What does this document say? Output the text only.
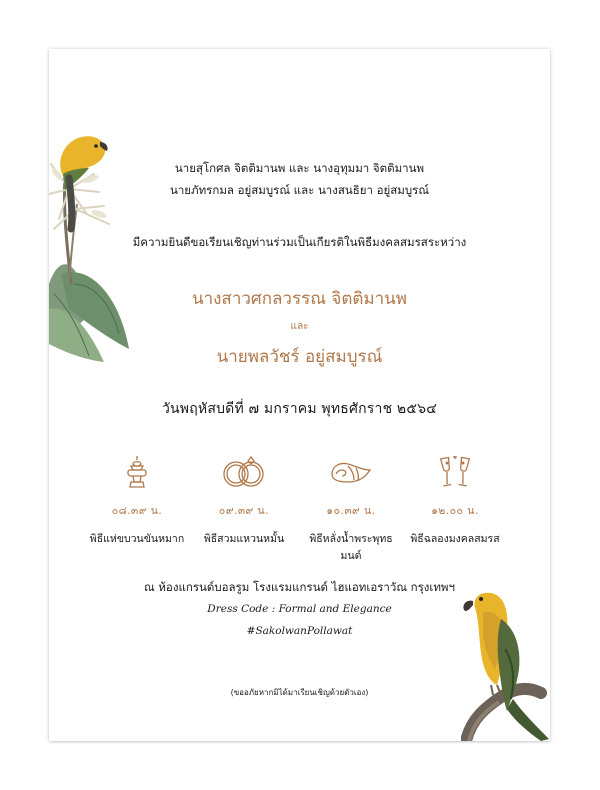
นายสุโกศล จิตติมานพ และ นางอุทุมมา จิตติมานพ
นายภัทรกมล อยู่สมบูรณ์ และ นางสนธิยา อยู่สมบูรณ์
มีความยินดีขอเรียนเชิญท่านร่วมเป็นเกียรติในพิธีมงคลสมรสระหว่าง
นางสาวศกลวรรณ จิตติมานพ
และ
นายพลวัชร์ อยู่สมบูรณ์
วันพฤหัสบดีที่ ๗ มกราคม พุทธศักราช ๒๕๖๔
๐๘.๓๙ น.
พิธีแห่ขบวนขันหมาก
๐๙.๓๙ น.
พิธีสวมแหวนหมั้น
๑๐.๓๙ น.
พิธีหลั่งน้ำพระพุทธมนต์
๑๒.๐๐ น.
พิธีฉลองมงคลสมรส
ณ ห้องแกรนด์บอลรูม โรงแรมแกรนด์ ไฮแอทเอราวัณ กรุงเทพฯ
Dress Code : Formal and Elegance
#SakolwanPollawat
(ขออภัยหากมิได้มาเรียนเชิญด้วยตัวเอง)
